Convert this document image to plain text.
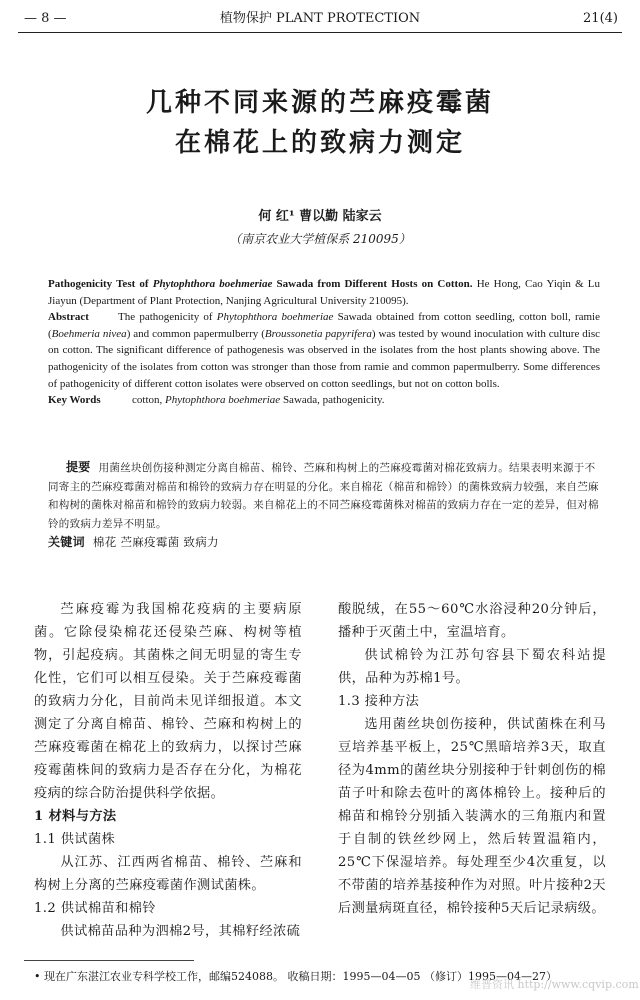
— 8 —	植物保护 PLANT PROTECTION	21(4)
几种不同来源的苎麻疫霉菌
在棉花上的致病力测定
何 红¹ 曹以勤 陆家云
（南京农业大学植保系 210095）
Pathogenicity Test of Phytophthora boehmeriae Sawada from Different Hosts on Cotton. He Hong, Cao Yiqin & Lu Jiayun (Department of Plant Protection, Nanjing Agricultural University 210095).
Abstract	The pathogenicity of Phytophthora boehmeriae Sawada obtained from cotton seedling, cotton boll, ramie (Boehmeria nivea) and common papermulberry (Broussonetia papyrifera) was tested by wound inoculation with culture disc on cotton. The significant difference of pathogenesis was observed in the isolates from the host plants showing above. The pathogenicity of the isolates from cotton was stronger than those from ramie and common papermulberry. Some differences of pathogenicity of different cotton isolates were observed on cotton seedlings, but not on cotton bolls.
Key Words	cotton, Phytophthora boehmeriae Sawada, pathogenicity.
提要 用菌丝块创伤接种测定分离自棉苗、棉铃、苎麻和构树上的苎麻疫霉菌对棉花致病力。结果表明来源于不同寄主的苎麻疫霉菌对棉苗和棉铃的致病力存在明显的分化。来自棉花（棉苗和棉铃）的菌株致病力较强，来自苎麻和构树的菌株对棉苗和棉铃的致病力较弱。来自棉花上的不同苎麻疫霉菌株对棉苗的致病力存在一定的差异，但对棉铃的致病力差异不明显。
关键词 棉花 苎麻疫霉菌 致病力

苎麻疫霉为我国棉花疫病的主要病原菌。它除侵染棉花还侵染苎麻、构树等植物，引起疫病。其菌株之间无明显的寄生专化性，它们可以相互侵染。关于苎麻疫霉菌的致病力分化，目前尚未见详细报道。本文测定了分离自棉苗、棉铃、苎麻和构树上的苎麻疫霉菌在棉花上的致病力，以探讨苎麻疫霉菌株间的致病力是否存在分化，为棉花疫病的综合防治提供科学依据。

1 材料与方法

1.1 供试菌株

从江苏、江西两省棉苗、棉铃、苎麻和构树上分离的苎麻疫霉菌作测试菌株。

1.2 供试棉苗和棉铃

供试棉苗品种为泗棉2号，其棉籽经浓硫

酸脱绒，在55～60℃水浴浸种20分钟后，播种于灭菌土中，室温培育。

供试棉铃为江苏句容县下蜀农科站提供，品种为苏棉1号。

1.3 接种方法

选用菌丝块创伤接种，供试菌株在利马豆培养基平板上，25℃黑暗培养3天，取直径为4mm的菌丝块分别接种于针刺创伤的棉苗子叶和除去苞叶的离体棉铃上。接种后的棉苗和棉铃分别插入装满水的三角瓶内和置于自制的铁丝纱网上，然后转置温箱内，25℃下保湿培养。每处理至少4次重复，以不带菌的培养基接种作为对照。叶片接种2天后测量病斑直径，棉铃接种5天后记录病级。

• 现在广东湛江农业专科学校工作，邮编524088。 收稿日期：1995—04—05 （修订）1995—04—27）
维普资讯 http://www.cqvip.com
